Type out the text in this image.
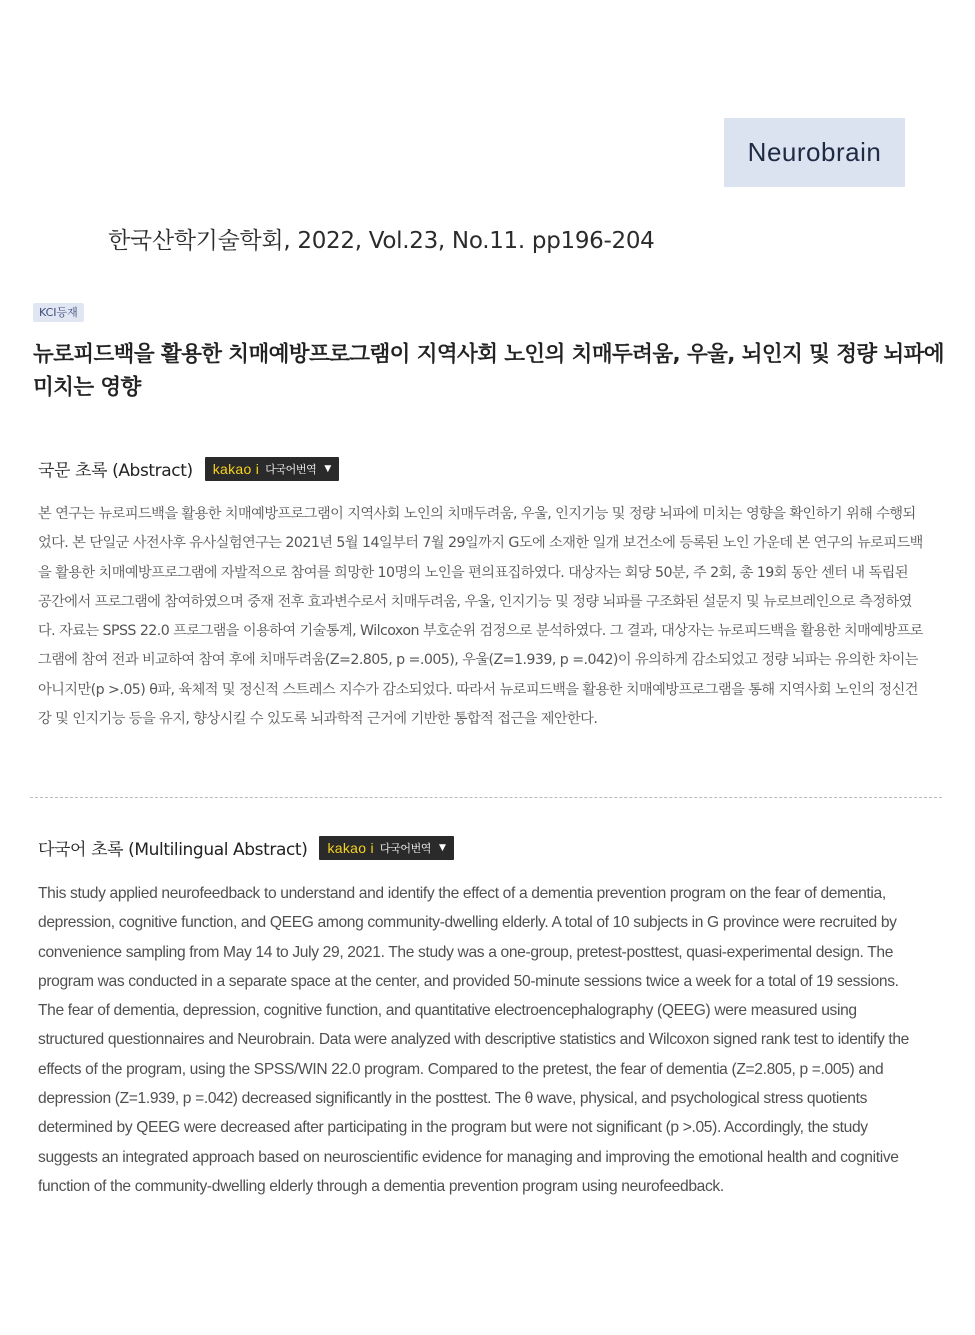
Neurobrain
한국산학기술학회, 2022, Vol.23, No.11. pp196-204
KCI등재
뉴로피드백을 활용한 치매예방프로그램이 지역사회 노인의 치매두려움, 우울, 뇌인지 및 정량 뇌파에 미치는 영향
국문 초록 (Abstract) kakao i 다국어번역 ▼

본 연구는 뉴로피드백을 활용한 치매예방프로그램이 지역사회 노인의 치매두려움, 우울, 인지기능 및 정량 뇌파에 미치는 영향을 확인하기 위해 수행되었다. 본 단일군 사전사후 유사실험연구는 2021년 5월 14일부터 7월 29일까지 G도에 소재한 일개 보건소에 등록된 노인 가운데 본 연구의 뉴로피드백을 활용한 치매예방프로그램에 자발적으로 참여를 희망한 10명의 노인을 편의표집하였다. 대상자는 회당 50분, 주 2회, 총 19회 동안 센터 내 독립된 공간에서 프로그램에 참여하였으며 중재 전후 효과변수로서 치매두려움, 우울, 인지기능 및 정량 뇌파를 구조화된 설문지 및 뉴로브레인으로 측정하였다. 자료는 SPSS 22.0 프로그램을 이용하여 기술통계, Wilcoxon 부호순위 검정으로 분석하였다. 그 결과, 대상자는 뉴로피드백을 활용한 치매예방프로그램에 참여 전과 비교하여 참여 후에 치매두려움(Z=2.805, p =.005), 우울(Z=1.939, p =.042)이 유의하게 감소되었고 정량 뇌파는 유의한 차이는 아니지만(p >.05) θ파, 육체적 및 정신적 스트레스 지수가 감소되었다. 따라서 뉴로피드백을 활용한 치매예방프로그램을 통해 지역사회 노인의 정신건강 및 인지기능 등을 유지, 향상시킬 수 있도록 뇌과학적 근거에 기반한 통합적 접근을 제안한다.

다국어 초록 (Multilingual Abstract) kakao i 다국어번역 ▼

This study applied neurofeedback to understand and identify the effect of a dementia prevention program on the fear of dementia, depression, cognitive function, and QEEG among community-dwelling elderly. A total of 10 subjects in G province were recruited by convenience sampling from May 14 to July 29, 2021. The study was a one-group, pretest-posttest, quasi-experimental design. The program was conducted in a separate space at the center, and provided 50-minute sessions twice a week for a total of 19 sessions. The fear of dementia, depression, cognitive function, and quantitative electroencephalography (QEEG) were measured using structured questionnaires and Neurobrain. Data were analyzed with descriptive statistics and Wilcoxon signed rank test to identify the effects of the program, using the SPSS/WIN 22.0 program. Compared to the pretest, the fear of dementia (Z=2.805, p =.005) and depression (Z=1.939, p =.042) decreased significantly in the posttest. The θ wave, physical, and psychological stress quotients determined by QEEG were decreased after participating in the program but were not significant (p >.05). Accordingly, the study suggests an integrated approach based on neuroscientific evidence for managing and improving the emotional health and cognitive function of the community-dwelling elderly through a dementia prevention program using neurofeedback.
